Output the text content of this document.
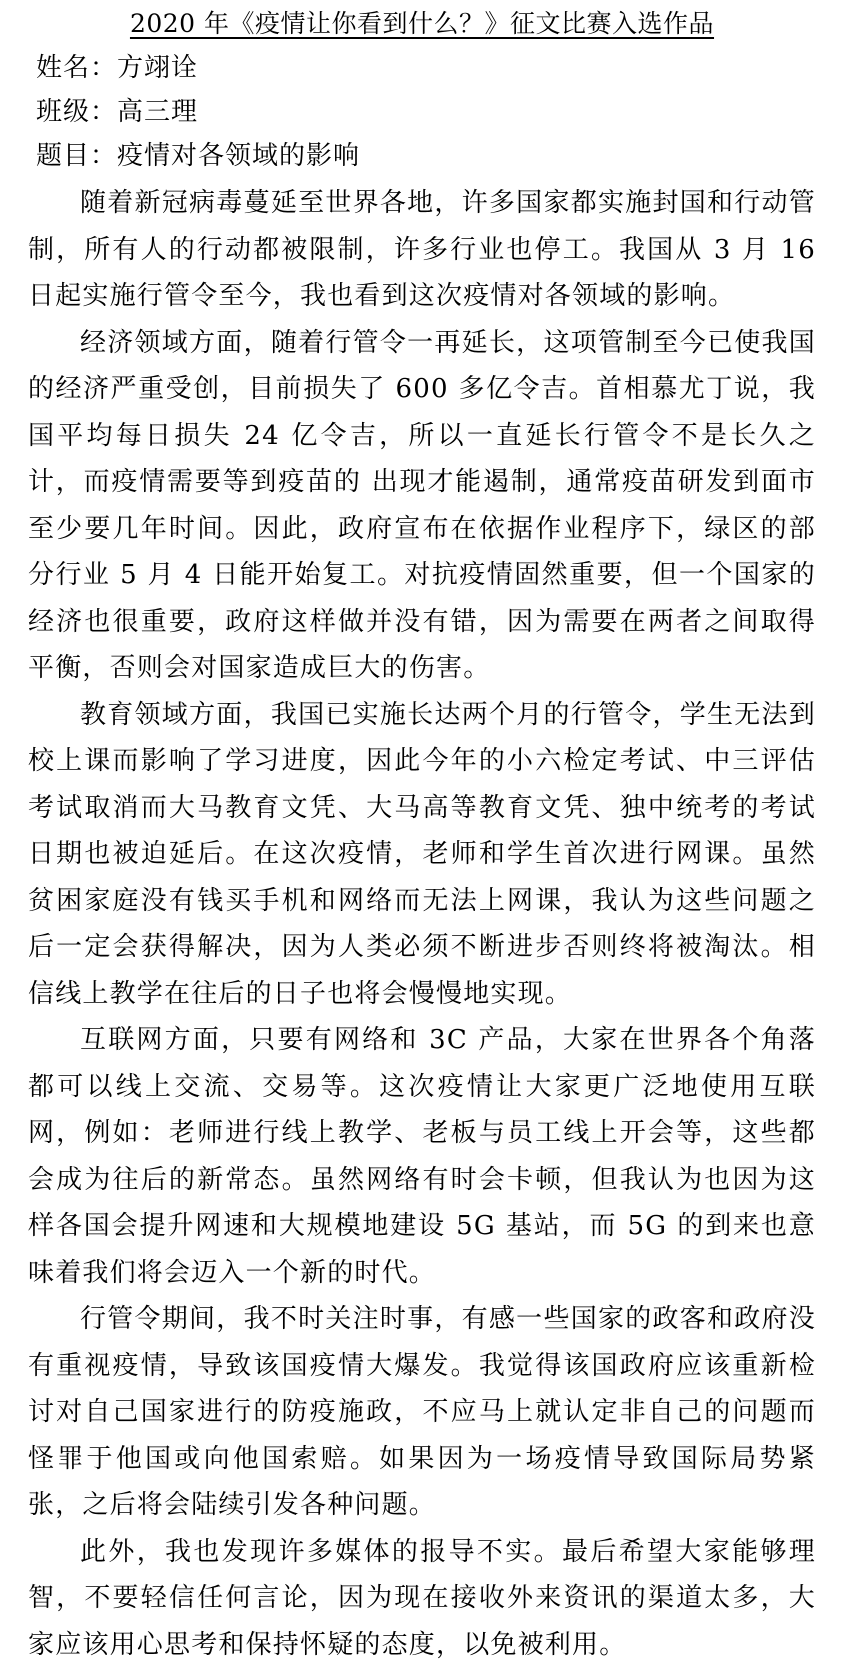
2020 年《疫情让你看到什么？》征文比赛入选作品

姓名：方翊诠

班级：高三理

题目：疫情对各领域的影响

随着新冠病毒蔓延至世界各地，许多国家都实施封国和行动管制，所有人的行动都被限制，许多行业也停工。我国从 3 月 16 日起实施行管令至今，我也看到这次疫情对各领域的影响。

经济领域方面，随着行管令一再延长，这项管制至今已使我国的经济严重受创，目前损失了 600 多亿令吉。首相慕尤丁说，我国平均每日损失 24 亿令吉，所以一直延长行管令不是长久之计，而疫情需要等到疫苗的 出现才能遏制，通常疫苗研发到面市至少要几年时间。因此，政府宣布在依据作业程序下，绿区的部分行业 5 月 4 日能开始复工。对抗疫情固然重要，但一个国家的经济也很重要，政府这样做并没有错，因为需要在两者之间取得平衡，否则会对国家造成巨大的伤害。

教育领域方面，我国已实施长达两个月的行管令，学生无法到校上课而影响了学习进度，因此今年的小六检定考试、中三评估考试取消而大马教育文凭、大马高等教育文凭、独中统考的考试日期也被迫延后。在这次疫情，老师和学生首次进行网课。虽然贫困家庭没有钱买手机和网络而无法上网课，我认为这些问题之后一定会获得解决，因为人类必须不断进步否则终将被淘汰。相信线上教学在往后的日子也将会慢慢地实现。

互联网方面，只要有网络和 3C 产品，大家在世界各个角落都可以线上交流、交易等。这次疫情让大家更广泛地使用互联网，例如：老师进行线上教学、老板与员工线上开会等，这些都会成为往后的新常态。虽然网络有时会卡顿，但我认为也因为这样各国会提升网速和大规模地建设 5G 基站，而 5G 的到来也意味着我们将会迈入一个新的时代。

行管令期间，我不时关注时事，有感一些国家的政客和政府没有重视疫情，导致该国疫情大爆发。我觉得该国政府应该重新检讨对自己国家进行的防疫施政，不应马上就认定非自己的问题而怪罪于他国或向他国索赔。如果因为一场疫情导致国际局势紧张，之后将会陆续引发各种问题。

此外，我也发现许多媒体的报导不实。最后希望大家能够理智，不要轻信任何言论，因为现在接收外来资讯的渠道太多，大家应该用心思考和保持怀疑的态度，以免被利用。
